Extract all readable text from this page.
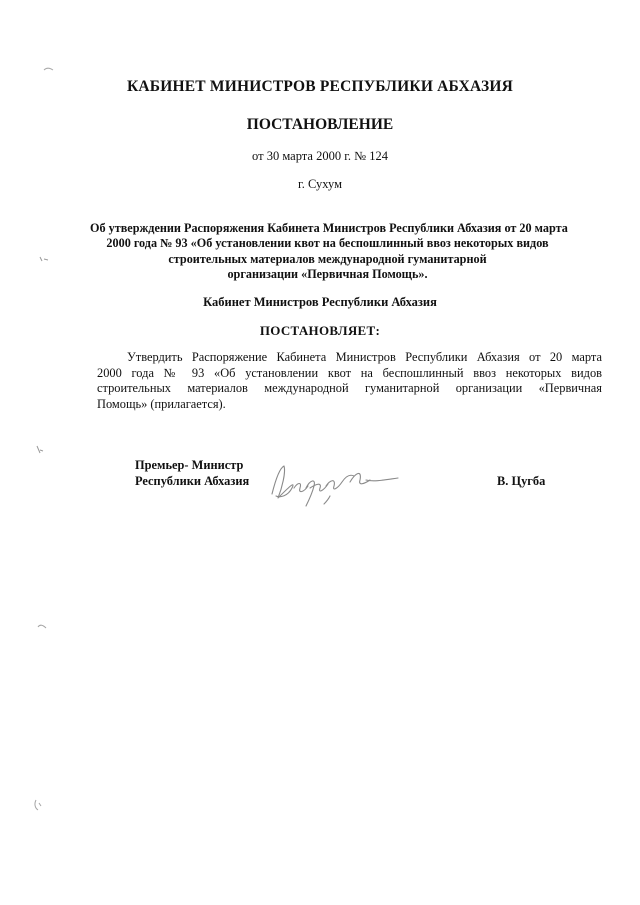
КАБИНЕТ МИНИСТРОВ РЕСПУБЛИКИ АБХАЗИЯ
ПОСТАНОВЛЕНИЕ
от 30 марта 2000 г. № 124
г. Сухум
Об утверждении Распоряжения Кабинета Министров Республики Абхазия от 20 марта
2000 года № 93 «Об установлении квот на беспошлинный ввоз некоторых видов
строительных материалов международной гуманитарной
организации «Первичная Помощь».
Кабинет Министров Республики Абхазия
ПОСТАНОВЛЯЕТ:
Утвердить Распоряжение Кабинета Министров Республики Абхазия от 20 марта
2000 года № 93 «Об установлении квот на беспошлинный ввоз некоторых видов
строительных материалов международной гуманитарной организации «Первичная
Помощь» (прилагается).
Премьер- Министр
Республики Абхазия	В. Цугба
